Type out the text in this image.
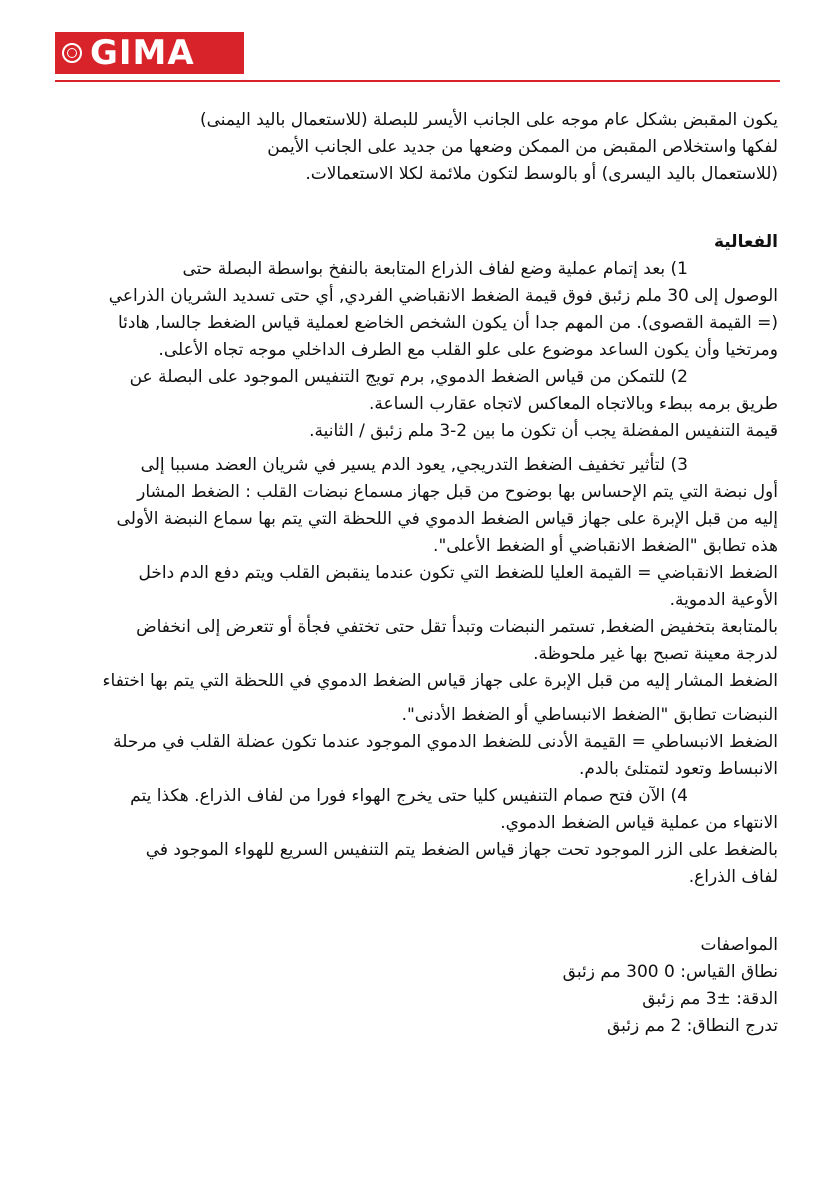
GIMA
يكون المقبض بشكل عام موجه على الجانب الأيسر للبصلة (للاستعمال باليد اليمنى)
لفكها واستخلاص المقبض من الممكن وضعها من جديد على الجانب الأيمن
(للاستعمال باليد اليسرى) أو بالوسط لتكون ملائمة لكلا الاستعمالات.
الفعالية
1) بعد إتمام عملية وضع لفاف الذراع المتابعة بالنفخ بواسطة البصلة حتى
الوصول إلى 30 ملم زئبق فوق قيمة الضغط الانقباضي الفردي, أي حتى تسديد الشريان الذراعي
(= القيمة القصوى). من المهم جدا أن يكون الشخص الخاضع لعملية قياس الضغط جالسا, هادئا
ومرتخيا وأن يكون الساعد موضوع على علو القلب مع الطرف الداخلي موجه تجاه الأعلى.
2) للتمكن من قياس الضغط الدموي, برم تويج التنفيس الموجود على البصلة عن
طريق برمه ببطء وبالاتجاه المعاكس لاتجاه عقارب الساعة.
قيمة التنفيس المفضلة يجب أن تكون ما بين 2-3 ملم زئبق / الثانية.
3) لتأثير تخفيف الضغط التدريجي, يعود الدم يسير في شريان العضد مسببا إلى
أول نبضة التي يتم الإحساس بها بوضوح من قبل جهاز مسماع نبضات القلب : الضغط المشار
إليه من قبل الإبرة على جهاز قياس الضغط الدموي في اللحظة التي يتم بها سماع النبضة الأولى
هذه تطابق "الضغط الانقباضي أو الضغط الأعلى".
الضغط الانقباضي = القيمة العليا للضغط التي تكون عندما ينقبض القلب ويتم دفع الدم داخل
الأوعية الدموية.
بالمتابعة بتخفيض الضغط, تستمر النبضات وتبدأ تقل حتى تختفي فجأة أو تتعرض إلى انخفاض
لدرجة معينة تصبح بها غير ملحوظة.
الضغط المشار إليه من قبل الإبرة على جهاز قياس الضغط الدموي في اللحظة التي يتم بها اختفاء
النبضات تطابق "الضغط الانبساطي أو الضغط الأدنى".
الضغط الانبساطي = القيمة الأدنى للضغط الدموي الموجود عندما تكون عضلة القلب في مرحلة
الانبساط وتعود لتمتلئ بالدم.
4) الآن فتح صمام التنفيس كليا حتى يخرج الهواء فورا من لفاف الذراع. هكذا يتم
الانتهاء من عملية قياس الضغط الدموي.
بالضغط على الزر الموجود تحت جهاز قياس الضغط يتم التنفيس السريع للهواء الموجود في
لفاف الذراع.
المواصفات
نطاق القياس: 0 300 مم زئبق
الدقة: ±3 مم زئبق
تدرج النطاق: 2 مم زئبق
